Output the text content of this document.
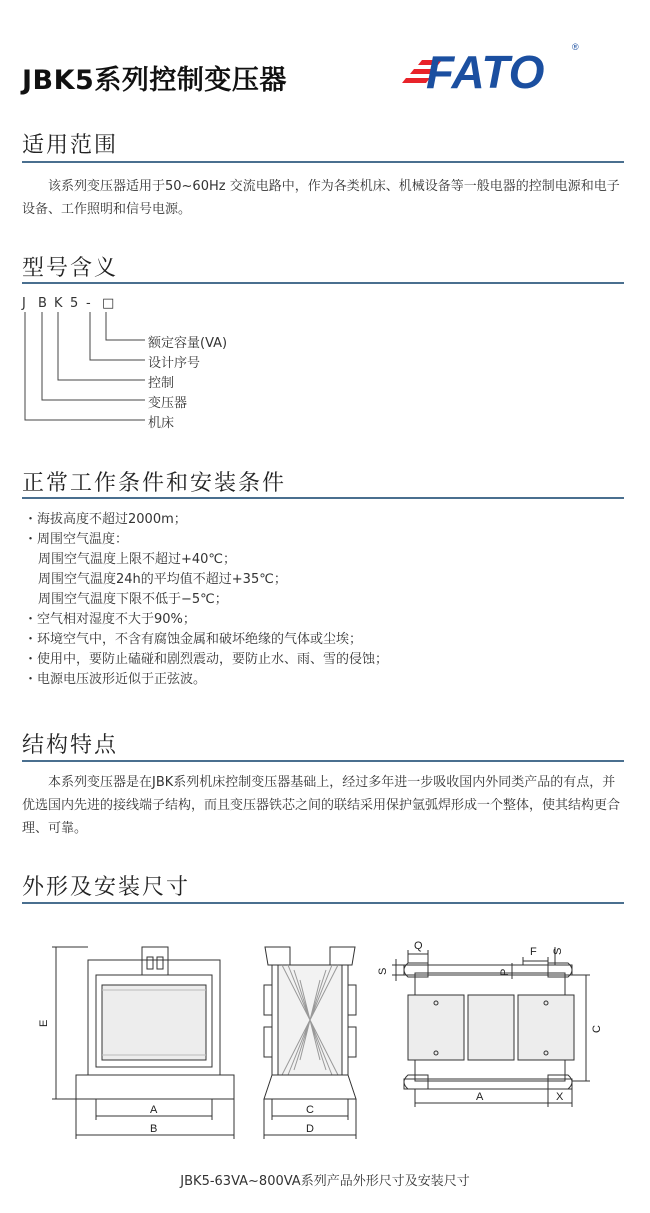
JBK5系列控制变压器	FATO	®
适用范围
该系列变压器适用于50~60Hz 交流电路中，作为各类机床、机械设备等一般电器的控制电源和电子设备、工作照明和信号电源。
型号含义
J B K 5 - □
额定容量(VA)
设计序号
控制
变压器
机床
正常工作条件和安装条件
・海拔高度不超过2000m；
・周围空气温度：
周围空气温度上限不超过+40℃；
周围空气温度24h的平均值不超过+35℃；
周围空气温度下限不低于−5℃；
・空气相对湿度不大于90%；
・环境空气中，不含有腐蚀金属和破坏绝缘的气体或尘埃；
・使用中，要防止磕碰和剧烈震动，要防止水、雨、雪的侵蚀；
・电源电压波形近似于正弦波。
结构特点
本系列变压器是在JBK系列机床控制变压器基础上，经过多年进一步吸收国内外同类产品的有点，并优选国内先进的接线端子结构，而且变压器铁芯之间的联结采用保护氩弧焊形成一个整体，使其结构更合理、可靠。
外形及安装尺寸
A
B
E
C
D
Q	F
S
S
P
C
A	X
JBK5-63VA~800VA系列产品外形尺寸及安装尺寸
